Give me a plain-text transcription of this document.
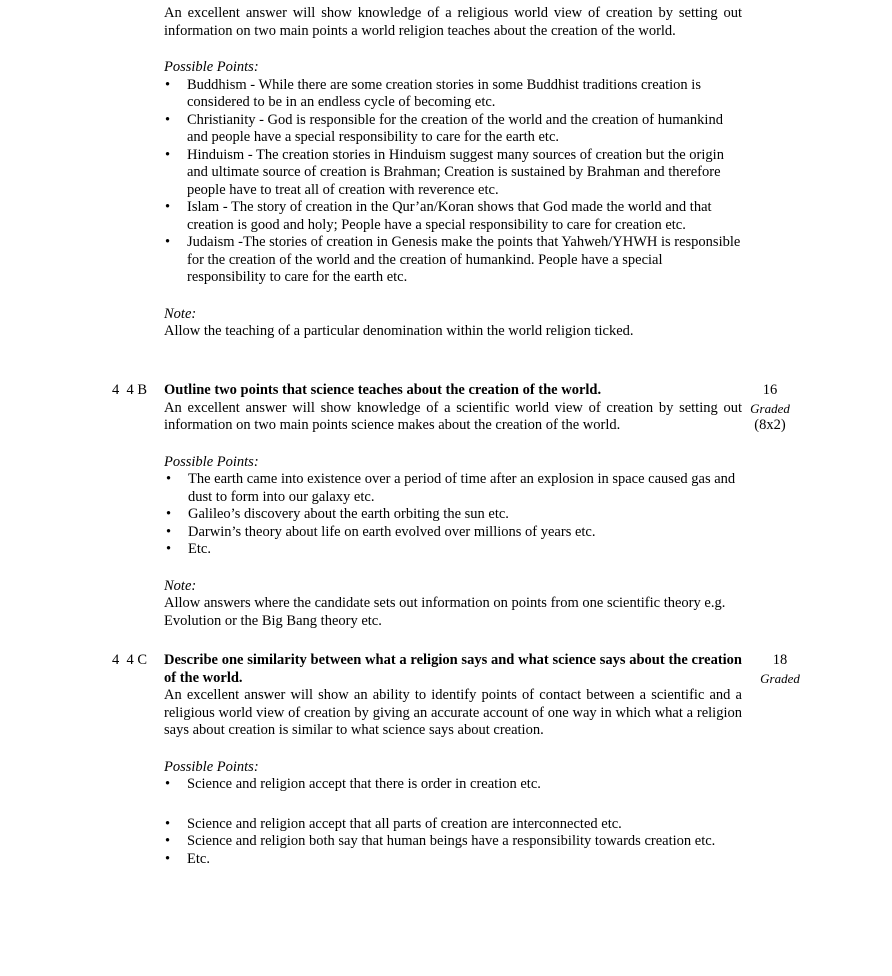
An excellent answer will show knowledge of a religious world view of creation by setting out information on two main points a world religion teaches about the creation of the world.
Possible Points:
• Buddhism - While there are some creation stories in some Buddhist traditions creation is considered to be in an endless cycle of becoming etc.
• Christianity - God is responsible for the creation of the world and the creation of humankind and people have a special responsibility to care for the earth etc.
• Hinduism - The creation stories in Hinduism suggest many sources of creation but the origin and ultimate source of creation is Brahman; Creation is sustained by Brahman and therefore people have to treat all of creation with reverence etc.
• Islam - The story of creation in the Qur’an/Koran shows that God made the world and that creation is good and holy; People have a special responsibility to care for creation etc.
• Judaism -The stories of creation in Genesis make the points that Yahweh/YHWH is responsible for the creation of the world and the creation of humankind. People have a special responsibility to care for the earth etc.
Note:
Allow the teaching of a particular denomination within the world religion ticked.
4 4 B	Outline two points that science teaches about the creation of the world.
An excellent answer will show knowledge of a scientific world view of creation by setting out information on two main points science makes about the creation of the world.
Possible Points:
• The earth came into existence over a period of time after an explosion in space caused gas and dust to form into our galaxy etc.
• Galileo’s discovery about the earth orbiting the sun etc.
• Darwin’s theory about life on earth evolved over millions of years etc.
• Etc.
Note:
Allow answers where the candidate sets out information on points from one scientific theory e.g. Evolution or the Big Bang theory etc.
16
Graded
(8x2)
4 4 C	Describe one similarity between what a religion says and what science says about the creation of the world.
An excellent answer will show an ability to identify points of contact between a scientific and a religious world view of creation by giving an accurate account of one way in which what a religion says about creation is similar to what science says about creation.
Possible Points:
• Science and religion accept that there is order in creation etc.
• Science and religion accept that all parts of creation are interconnected etc.
• Science and religion both say that human beings have a responsibility towards creation etc.
• Etc.
18
Graded
